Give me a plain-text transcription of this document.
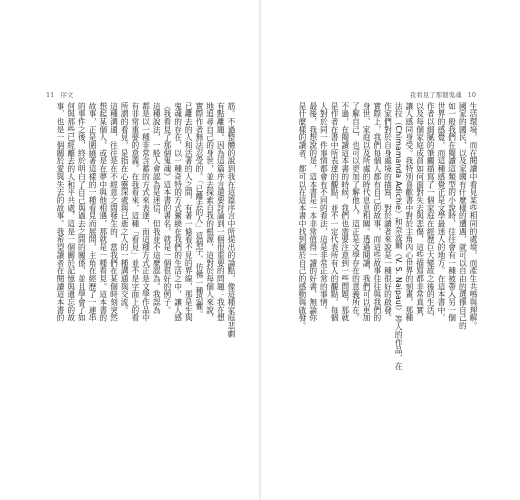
11 序文	我看見了那個鬼魂 10
筋。不過整體的說到我在這篇序言中所提出的論點，像這種家庭悲劇
有點離題。因為這篇序言還要討論到一個很重要的問題：我在想
地追尋自己的身世，並去探索自我的根源，這對於每個人來說，
實際作者無法忍受的。「已離去的人」這個字，彷彿一種恐懼。
已離去的人和活著的人之間，有著一條看不見的界線，那是生與
鬼魂的存在，以一種奇特的方式縈繞在我們的生活之中，讓人感
《我看見了那個鬼魂》這本書的書名，就是一個很好的例子。
這種說法，一般人會認為是迷信，但我並不這麼認為。我認為
都是以一種非常含蓄的方式來表達，而這種方式正是文學作品中
有非常重要的意義。在我看來，這種「看見」並不是字面上的看
所謂的看見，是指在心靈深處與已逝之人的一種溝通與交流。
這種溝通，往往是在不經意之間發生的，當我們在某個時刻突然
想起某個人，或是在夢中與他相遇，那就是一種看見。這本書的
故事，正是圍繞著這樣的一種看見而展開，主角在經歷了一連串
的事件之後，終於明白了自己與過去之間的關係，並且學會了如
何與那些已經離去的人和平共處，這是一個關於記憶與遺忘的故
事，也是一個關於愛與失去的故事。我希望讀者在閱讀這本書的	生活環境，而在閱讀中看見某些相同的處境，而產生共鳴與理解。
國家的國民，以及家國有什麼樣的遭遇，就可以自由的選擇自己的
如一般我們在閱讀這類型的小說時，往往會有一種被帶入另一個
世界的感覺，而這種感覺正是文學最迷人的地方。在這本書中，
作者以細膩的筆觸描寫了一個家庭在經歷巨大變故之後的生活，
以及每個家庭成員如何面對失去與悲傷，這些描寫都非常真實，
讓人感同身受。我特別喜歡書中對於主角內心世界的刻畫，那種
法拉（Chimamanda Adichie）和奈波爾（V. S. Naipaul）等人的作品，在
作家們對於自身處境的描寫，對於讀者來說是一種很好的啟發。
實際上，我們每個人都有自己的故事，而這些故事往往與我們的
身世、家庭以及所處的時代息息相關。透過閱讀，我們可以更加
了解自己，也可以更加了解他人。這正是文學存在的意義所在。
不過，在閱讀這本書的時候，我們也需要注意到一些問題，那就
是作者在書中所表達的觀點，並不一定代表所有人的觀點，每個
人對於同一件事情都會有不同的看法，這是非常正常的事情。
最後，我想說的是，這本書是一本非常值得一讀的好書，無論你
是什麼樣的讀者，都可以在這本書中找到屬於自己的感動與啟發。
